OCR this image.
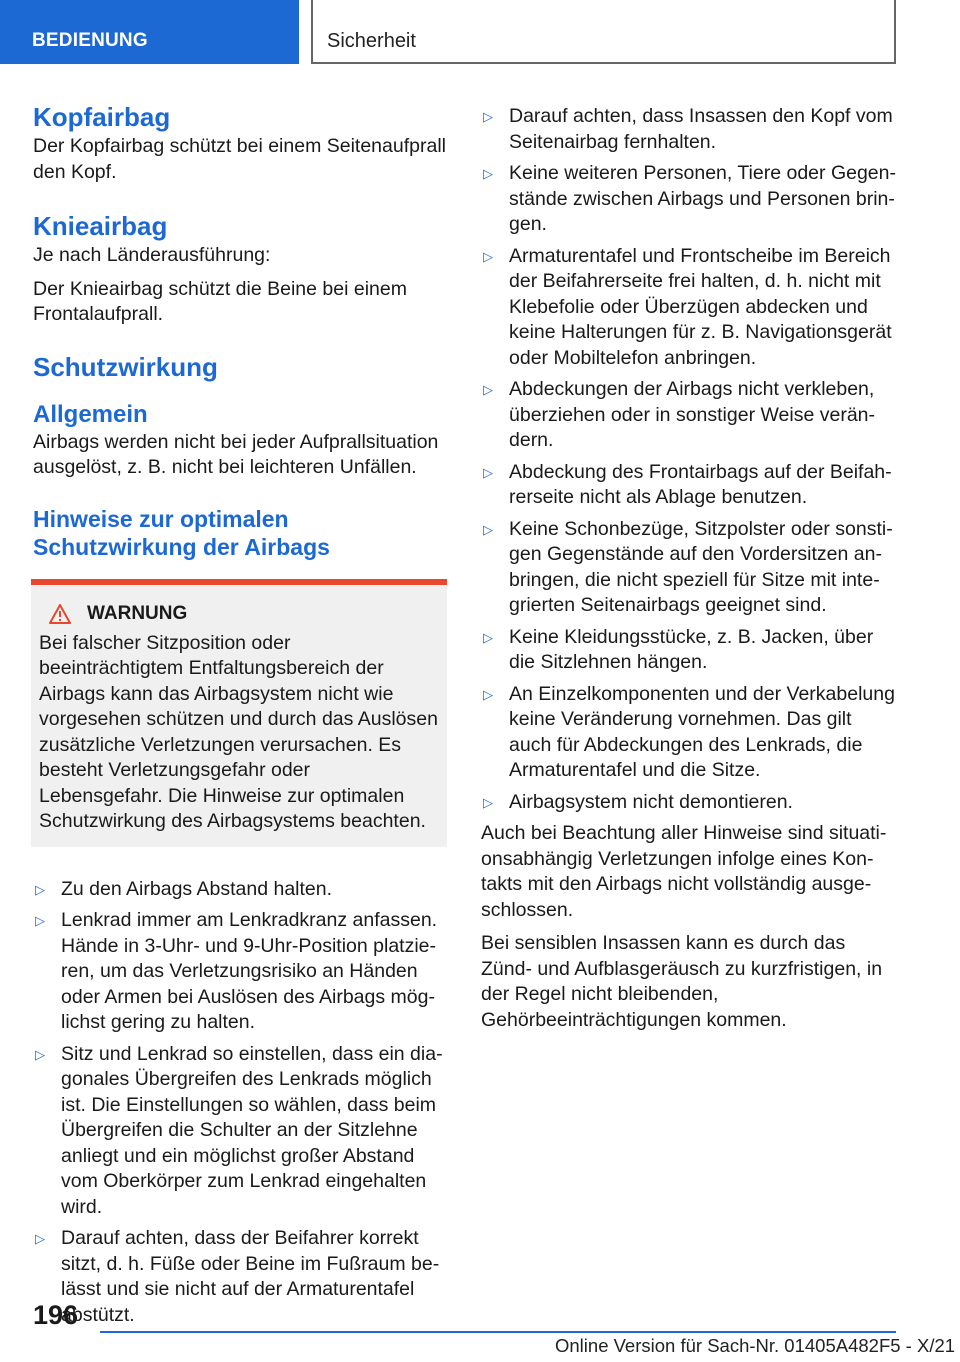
BEDIENUNG	Sicherheit
Kopfairbag

Der Kopfairbag schützt bei einem Seitenaufprall den Kopf.

Knieairbag

Je nach Länderausführung:

Der Knieairbag schützt die Beine bei einem Frontalaufprall.

Schutzwirkung
Allgemein

Airbags werden nicht bei jeder Aufprallsituation ausgelöst, z. B. nicht bei leichteren Unfällen.

Hinweise zur optimalen Schutzwirkung der Airbags
WARNUNG

Bei falscher Sitzposition oder beeinträchtigtem Entfaltungsbereich der Airbags kann das Airbagsystem nicht wie vorgesehen schützen und durch das Auslösen zusätzliche Verletzungen verursachen. Es besteht Verletzungsgefahr oder Lebensgefahr. Die Hinweise zur optimalen Schutzwirkung des Airbagsystems beachten.

▷ Zu den Airbags Abstand halten.
▷ Lenkrad immer am Lenkradkranz anfassen. Hände in 3-Uhr- und 9-Uhr-Position platzieren, um das Verletzungsrisiko an Händen oder Armen bei Auslösen des Airbags möglichst gering zu halten.
▷ Sitz und Lenkrad so einstellen, dass ein diagonales Übergreifen des Lenkrads möglich ist. Die Einstellungen so wählen, dass beim Übergreifen die Schulter an der Sitzlehne anliegt und ein möglichst großer Abstand vom Oberkörper zum Lenkrad eingehalten wird.
▷ Darauf achten, dass der Beifahrer korrekt sitzt, d. h. Füße oder Beine im Fußraum belässt und sie nicht auf der Armaturentafel abstützt.
▷ Darauf achten, dass Insassen den Kopf vom Seitenairbag fernhalten.
▷ Keine weiteren Personen, Tiere oder Gegenstände zwischen Airbags und Personen bringen.
▷ Armaturentafel und Frontscheibe im Bereich der Beifahrerseite frei halten, d. h. nicht mit Klebefolie oder Überzügen abdecken und keine Halterungen für z. B. Navigationsgerät oder Mobiltelefon anbringen.
▷ Abdeckungen der Airbags nicht verkleben, überziehen oder in sonstiger Weise verändern.
▷ Abdeckung des Frontairbags auf der Beifahrerseite nicht als Ablage benutzen.
▷ Keine Schonbezüge, Sitzpolster oder sonstigen Gegenstände auf den Vordersitzen anbringen, die nicht speziell für Sitze mit integrierten Seitenairbags geeignet sind.
▷ Keine Kleidungsstücke, z. B. Jacken, über die Sitzlehnen hängen.
▷ An Einzelkomponenten und der Verkabelung keine Veränderung vornehmen. Das gilt auch für Abdeckungen des Lenkrads, die Armaturentafel und die Sitze.
▷ Airbagsystem nicht demontieren.

Auch bei Beachtung aller Hinweise sind situationsabhängig Verletzungen infolge eines Kontakts mit den Airbags nicht vollständig ausgeschlossen.

Bei sensiblen Insassen kann es durch das Zünd- und Aufblasgeräusch zu kurzfristigen, in der Regel nicht bleibenden, Gehörbeeinträchtigungen kommen.

196
Online Version für Sach-Nr. 01405A482F5 - X/21
